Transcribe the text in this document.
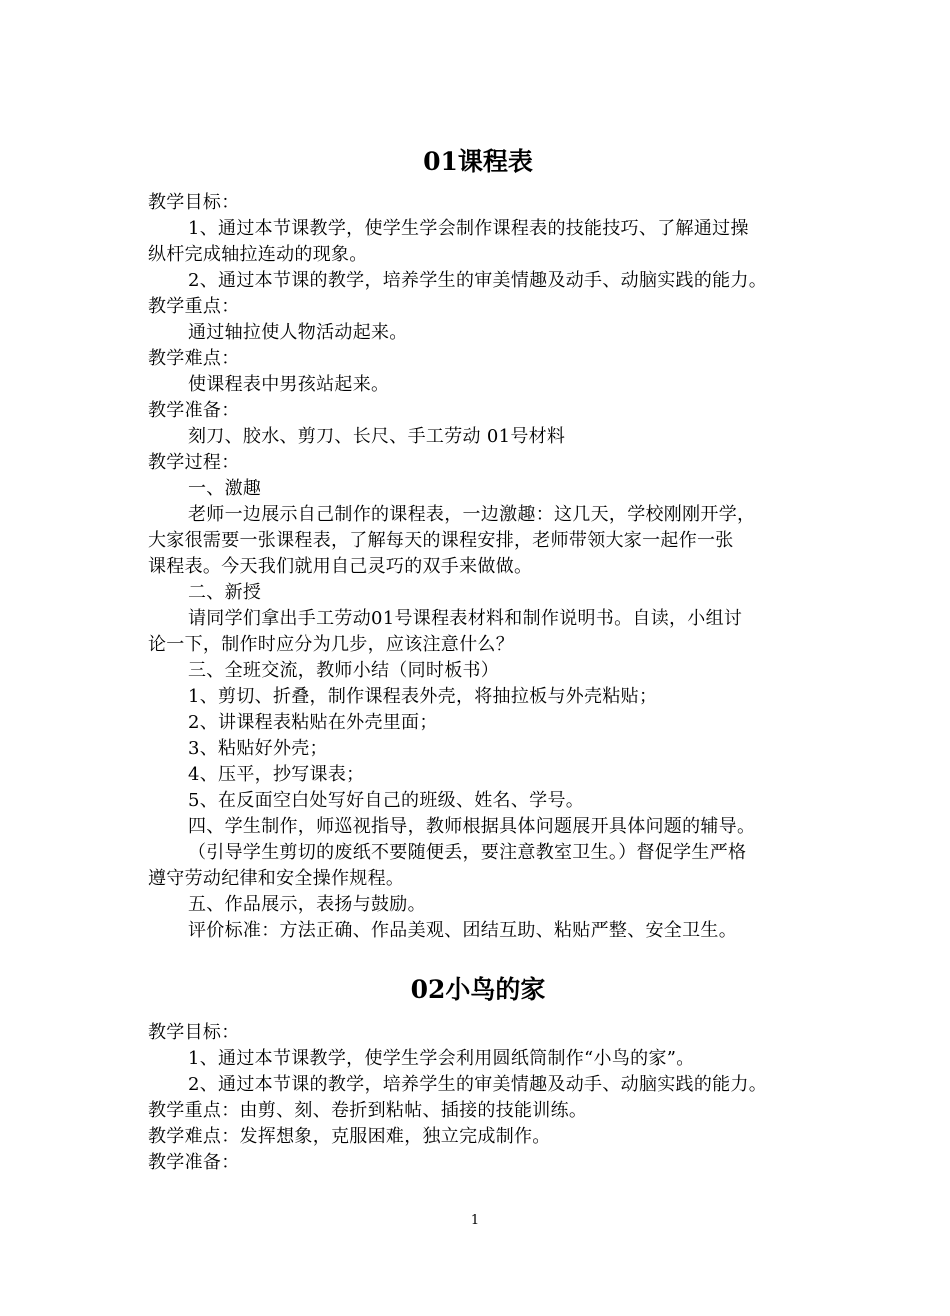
01课程表
教学目标：
1、通过本节课教学，使学生学会制作课程表的技能技巧、了解通过操
纵杆完成轴拉连动的现象。
2、通过本节课的教学，培养学生的审美情趣及动手、动脑实践的能力。
教学重点：
通过轴拉使人物活动起来。
教学难点：
使课程表中男孩站起来。
教学准备：
刻刀、胶水、剪刀、长尺、手工劳动 01号材料
教学过程：
一、激趣
老师一边展示自己制作的课程表，一边激趣：这几天，学校刚刚开学，
大家很需要一张课程表，了解每天的课程安排，老师带领大家一起作一张
课程表。今天我们就用自己灵巧的双手来做做。
二、新授
请同学们拿出手工劳动01号课程表材料和制作说明书。自读，小组讨
论一下，制作时应分为几步，应该注意什么？
三、全班交流，教师小结（同时板书）
1、剪切、折叠，制作课程表外壳，将抽拉板与外壳粘贴；
2、讲课程表粘贴在外壳里面；
3、粘贴好外壳；
4、压平，抄写课表；
5、在反面空白处写好自己的班级、姓名、学号。
四、学生制作，师巡视指导，教师根据具体问题展开具体问题的辅导。
（引导学生剪切的废纸不要随便丢，要注意教室卫生。）督促学生严格
遵守劳动纪律和安全操作规程。
五、作品展示，表扬与鼓励。
评价标准：方法正确、作品美观、团结互助、粘贴严整、安全卫生。
02小鸟的家
教学目标：
1、通过本节课教学，使学生学会利用圆纸筒制作“小鸟的家”。
2、通过本节课的教学，培养学生的审美情趣及动手、动脑实践的能力。
教学重点：由剪、刻、卷折到粘帖、插接的技能训练。
教学难点：发挥想象，克服困难，独立完成制作。
教学准备：
1
